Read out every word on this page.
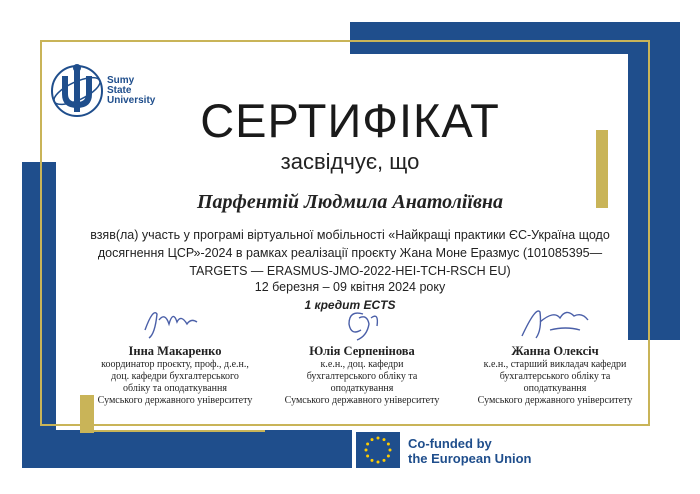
Sumy
State
University СЕРТИФІКАТ
засвідчує, що
Парфентій Людмила Анатоліївна
взяв(ла) участь у програмі віртуальної мобільності «Найкращі практики ЄС-Україна щодо досягнення ЦСР»-2024 в рамках реалізації проєкту Жана Моне Еразмус (101085395—TARGETS — ERASMUS-JMO-2022-HEI-TCH-RSCH EU)
12 березня – 09 квітня 2024 року
1 кредит ECTS
Інна Макаренко
координатор проєкту, проф., д.е.н.,
доц. кафедри бухгалтерського
обліку та оподаткування
Сумського державного університету
Юлія Серпенінова
к.е.н., доц. кафедри
бухгалтерського обліку та
оподаткування
Сумського державного університету
Жанна Олексіч
к.е.н., старший викладач кафедри
бухгалтерського обліку та
оподаткування
Сумського державного університету
Co-funded by
the European Union
